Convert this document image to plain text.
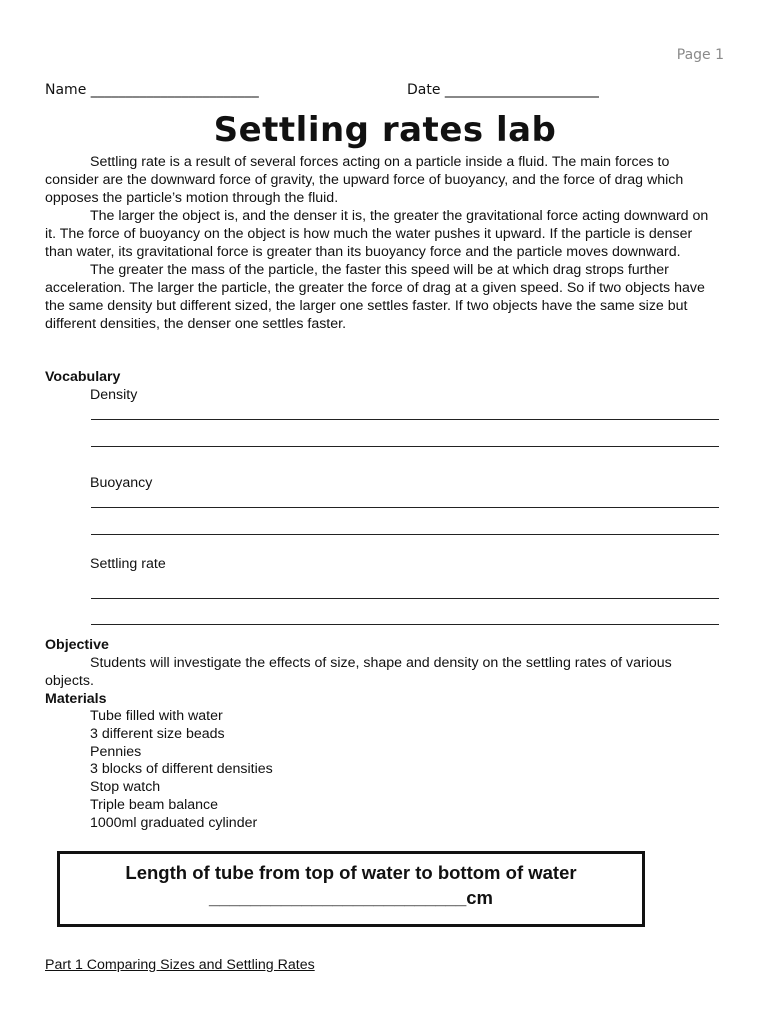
Page 1
Name ________________________	Date ______________________
Settling rates lab

Settling rate is a result of several forces acting on a particle inside a fluid. The main forces to consider are the downward force of gravity, the upward force of buoyancy, and the force of drag which opposes the particle’s motion through the fluid.

The larger the object is, and the denser it is, the greater the gravitational force acting downward on it. The force of buoyancy on the object is how much the water pushes it upward. If the particle is denser than water, its gravitational force is greater than its buoyancy force and the particle moves downward.

The greater the mass of the particle, the faster this speed will be at which drag strops further acceleration. The larger the particle, the greater the force of drag at a given speed. So if two objects have the same density but different sized, the larger one settles faster. If two objects have the same size but different densities, the denser one settles faster.

Vocabulary
Density
Buoyancy
Settling rate
Objective

Students will investigate the effects of size, shape and density on the settling rates of various objects.

Materials
Tube filled with water
3 different size beads
Pennies
3 blocks of different densities
Stop watch
Triple beam balance
1000ml graduated cylinder
Length of tube from top of water to bottom of water
_________________________cm
Part 1 Comparing Sizes and Settling Rates
